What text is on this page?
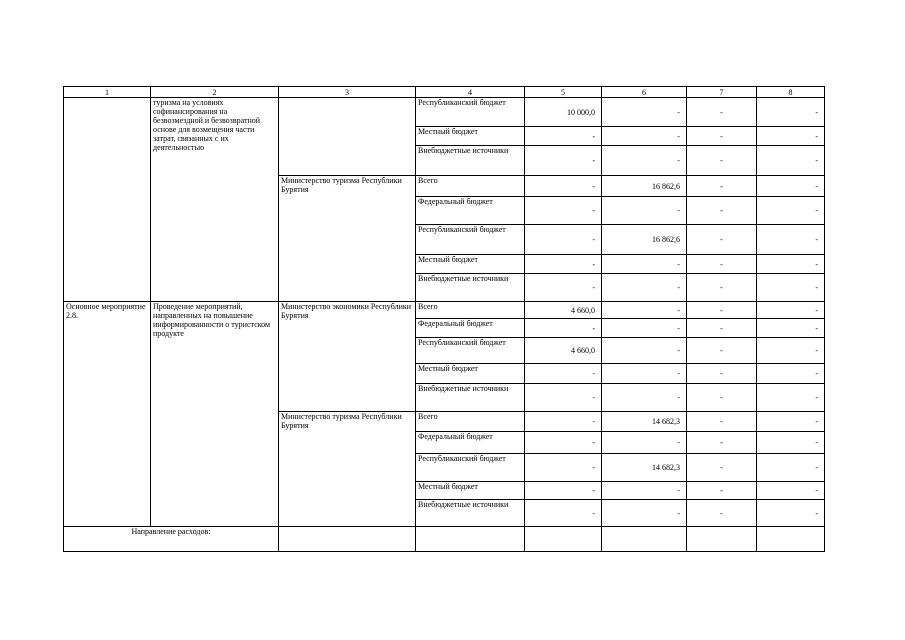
1	2	3	4	5	6	7	8
	туризма на условиях софинансирования на безвозмездной и безвозвратной основе для возмещения части затрат, связанных с их деятельностью		Республиканский бюджет	10 000,0	-	-	-
			Местный бюджет	-	-	-	-
			Внебюджетные источники	-	-	-	-
		Министерство туризма Республики Бурятия	Всего	-	16 862,6	-	-
			Федеральный бюджет	-	-	-	-
			Республиканский бюджет	-	16 862,6	-	-
			Местный бюджет	-	-	-	-
			Внебюджетные источники	-	-	-	-
Основное мероприятие 2.8.	Проведение мероприятий, направленных на повышение информированности о туристском продукте	Министерство экономики Республики Бурятия	Всего	4 660,0	-	-	-
			Федеральный бюджет	-	-	-	-
			Республиканский бюджет	4 660,0	-	-	-
			Местный бюджет	-	-	-	-
			Внебюджетные источники	-	-	-	-
		Министерство туризма Республики Бурятия	Всего	-	14 682,3	-	-
			Федеральный бюджет	-	-	-	-
			Республиканский бюджет	-	14 682,3	-	-
			Местный бюджет	-	-	-	-
			Внебюджетные источники	-	-	-	-
Направление расходов:							
